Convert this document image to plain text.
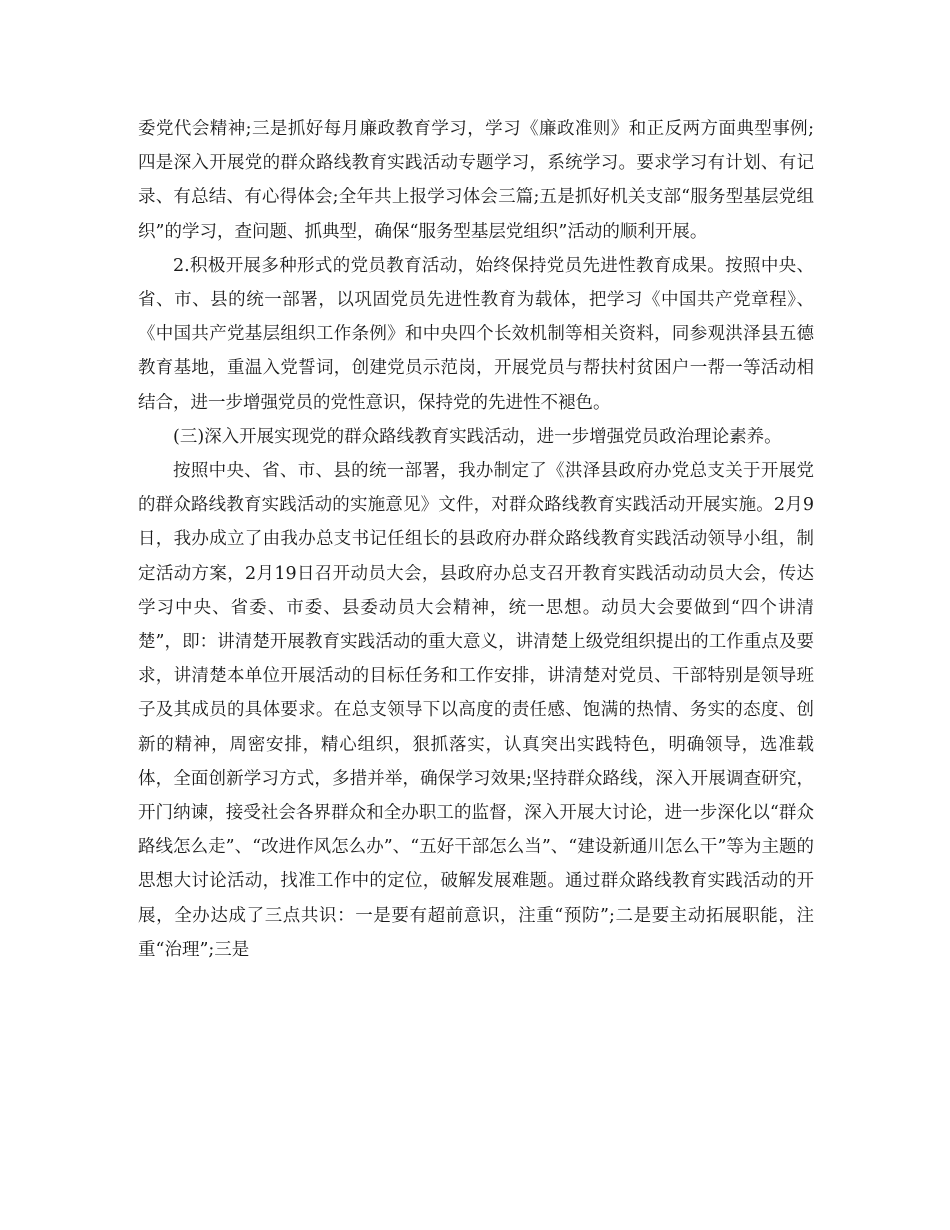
委党代会精神;三是抓好每月廉政教育学习，学习《廉政准则》和正反两方面典型事例;四是深入开展党的群众路线教育实践活动专题学习，系统学习。要求学习有计划、有记录、有总结、有心得体会;全年共上报学习体会三篇;五是抓好机关支部“服务型基层党组织”的学习，查问题、抓典型，确保“服务型基层党组织”活动的顺利开展。

2.积极开展多种形式的党员教育活动，始终保持党员先进性教育成果。按照中央、省、市、县的统一部署，以巩固党员先进性教育为载体，把学习《中国共产党章程》、《中国共产党基层组织工作条例》和中央四个长效机制等相关资料，同参观洪泽县五德教育基地，重温入党誓词，创建党员示范岗，开展党员与帮扶村贫困户一帮一等活动相结合，进一步增强党员的党性意识，保持党的先进性不褪色。

(三)深入开展实现党的群众路线教育实践活动，进一步增强党员政治理论素养。

按照中央、省、市、县的统一部署，我办制定了《洪泽县政府办党总支关于开展党的群众路线教育实践活动的实施意见》文件，对群众路线教育实践活动开展实施。2月9日，我办成立了由我办总支书记任组长的县政府办群众路线教育实践活动领导小组，制定活动方案，2月19日召开动员大会，县政府办总支召开教育实践活动动员大会，传达学习中央、省委、市委、县委动员大会精神，统一思想。动员大会要做到“四个讲清楚”，即：讲清楚开展教育实践活动的重大意义，讲清楚上级党组织提出的工作重点及要求，讲清楚本单位开展活动的目标任务和工作安排，讲清楚对党员、干部特别是领导班子及其成员的具体要求。在总支领导下以高度的责任感、饱满的热情、务实的态度、创新的精神，周密安排，精心组织，狠抓落实，认真突出实践特色，明确领导，选准载体，全面创新学习方式，多措并举，确保学习效果;坚持群众路线，深入开展调查研究，开门纳谏，接受社会各界群众和全办职工的监督，深入开展大讨论，进一步深化以“群众路线怎么走”、“改进作风怎么办”、“五好干部怎么当”、“建设新通川怎么干”等为主题的思想大讨论活动，找准工作中的定位，破解发展难题。通过群众路线教育实践活动的开展，全办达成了三点共识：一是要有超前意识，注重“预防”;二是要主动拓展职能，注重“治理”;三是
